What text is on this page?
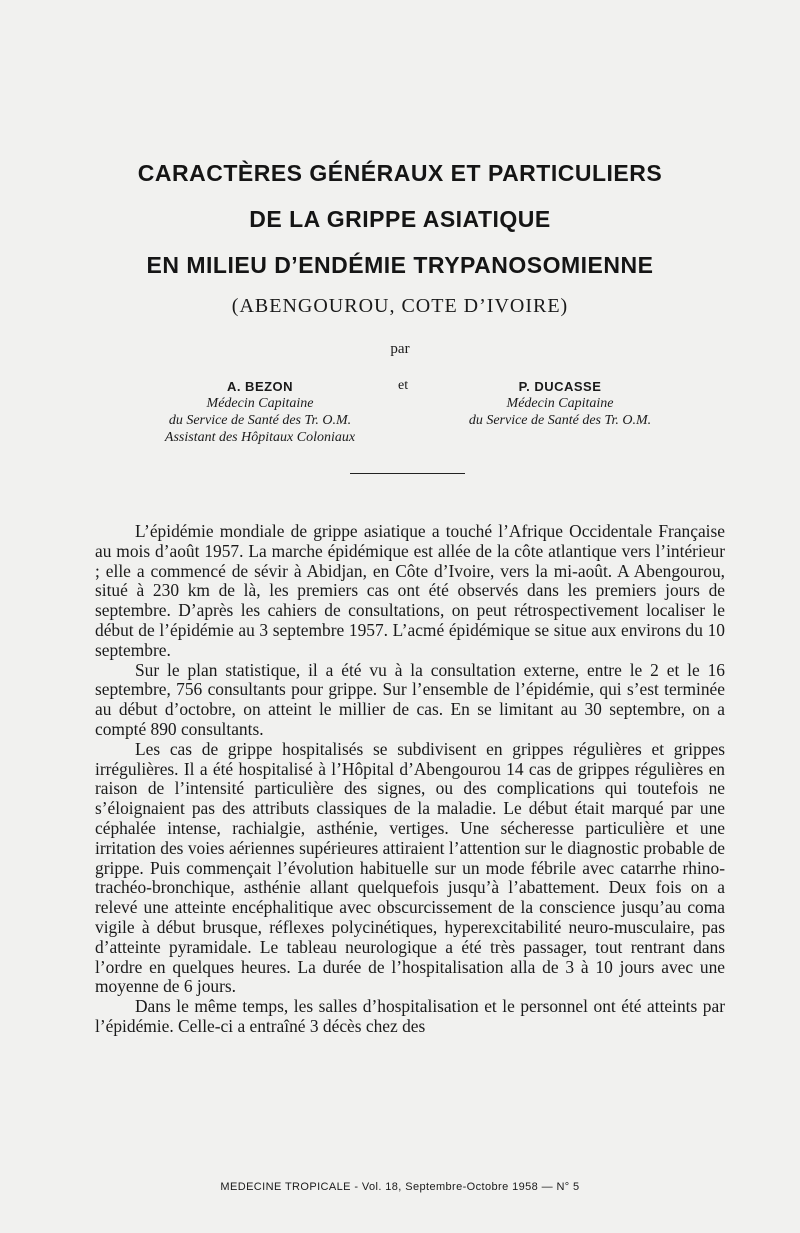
CARACTÈRES GÉNÉRAUX ET PARTICULIERS
DE LA GRIPPE ASIATIQUE
EN MILIEU D’ENDÉMIE TRYPANOSOMIENNE
(ABENGOUROU, COTE D’IVOIRE)
par
A. BEZON
Médecin Capitaine
du Service de Santé des Tr. O.M.
Assistant des Hôpitaux Coloniaux
et	P. DUCASSE
Médecin Capitaine
du Service de Santé des Tr. O.M.

L’épidémie mondiale de grippe asiatique a touché l’Afrique Occidentale Française au mois d’août 1957. La marche épidémique est allée de la côte atlantique vers l’intérieur ; elle a commencé de sévir à Abidjan, en Côte d’Ivoire, vers la mi-août. A Abengourou, situé à 230 km de là, les premiers cas ont été observés dans les premiers jours de septembre. D’après les cahiers de consultations, on peut rétrospectivement localiser le début de l’épidémie au 3 septembre 1957. L’acmé épidémique se situe aux environs du 10 septembre.

Sur le plan statistique, il a été vu à la consultation externe, entre le 2 et le 16 septembre, 756 consultants pour grippe. Sur l’ensemble de l’épidémie, qui s’est terminée au début d’octobre, on atteint le millier de cas. En se limitant au 30 septembre, on a compté 890 consultants.

Les cas de grippe hospitalisés se subdivisent en grippes régulières et grippes irrégulières. Il a été hospitalisé à l’Hôpital d’Abengourou 14 cas de grippes régulières en raison de l’intensité particulière des signes, ou des complications qui toutefois ne s’éloignaient pas des attributs classiques de la maladie. Le début était marqué par une céphalée intense, rachialgie, asthénie, vertiges. Une sécheresse particulière et une irritation des voies aériennes supérieures attiraient l’attention sur le diagnostic probable de grippe. Puis commençait l’évolution habituelle sur un mode fébrile avec catarrhe rhino-trachéo-bronchique, asthénie allant quelquefois jusqu’à l’abattement. Deux fois on a relevé une atteinte encéphalitique avec obscurcissement de la conscience jusqu’au coma vigile à début brusque, réflexes polycinétiques, hyperexcitabilité neuro-musculaire, pas d’atteinte pyramidale. Le tableau neurologique a été très passager, tout rentrant dans l’ordre en quelques heures. La durée de l’hospitalisation alla de 3 à 10 jours avec une moyenne de 6 jours.

Dans le même temps, les salles d’hospitalisation et le personnel ont été atteints par l’épidémie. Celle-ci a entraîné 3 décès chez des

MEDECINE TROPICALE - Vol. 18, Septembre-Octobre 1958 — N° 5
